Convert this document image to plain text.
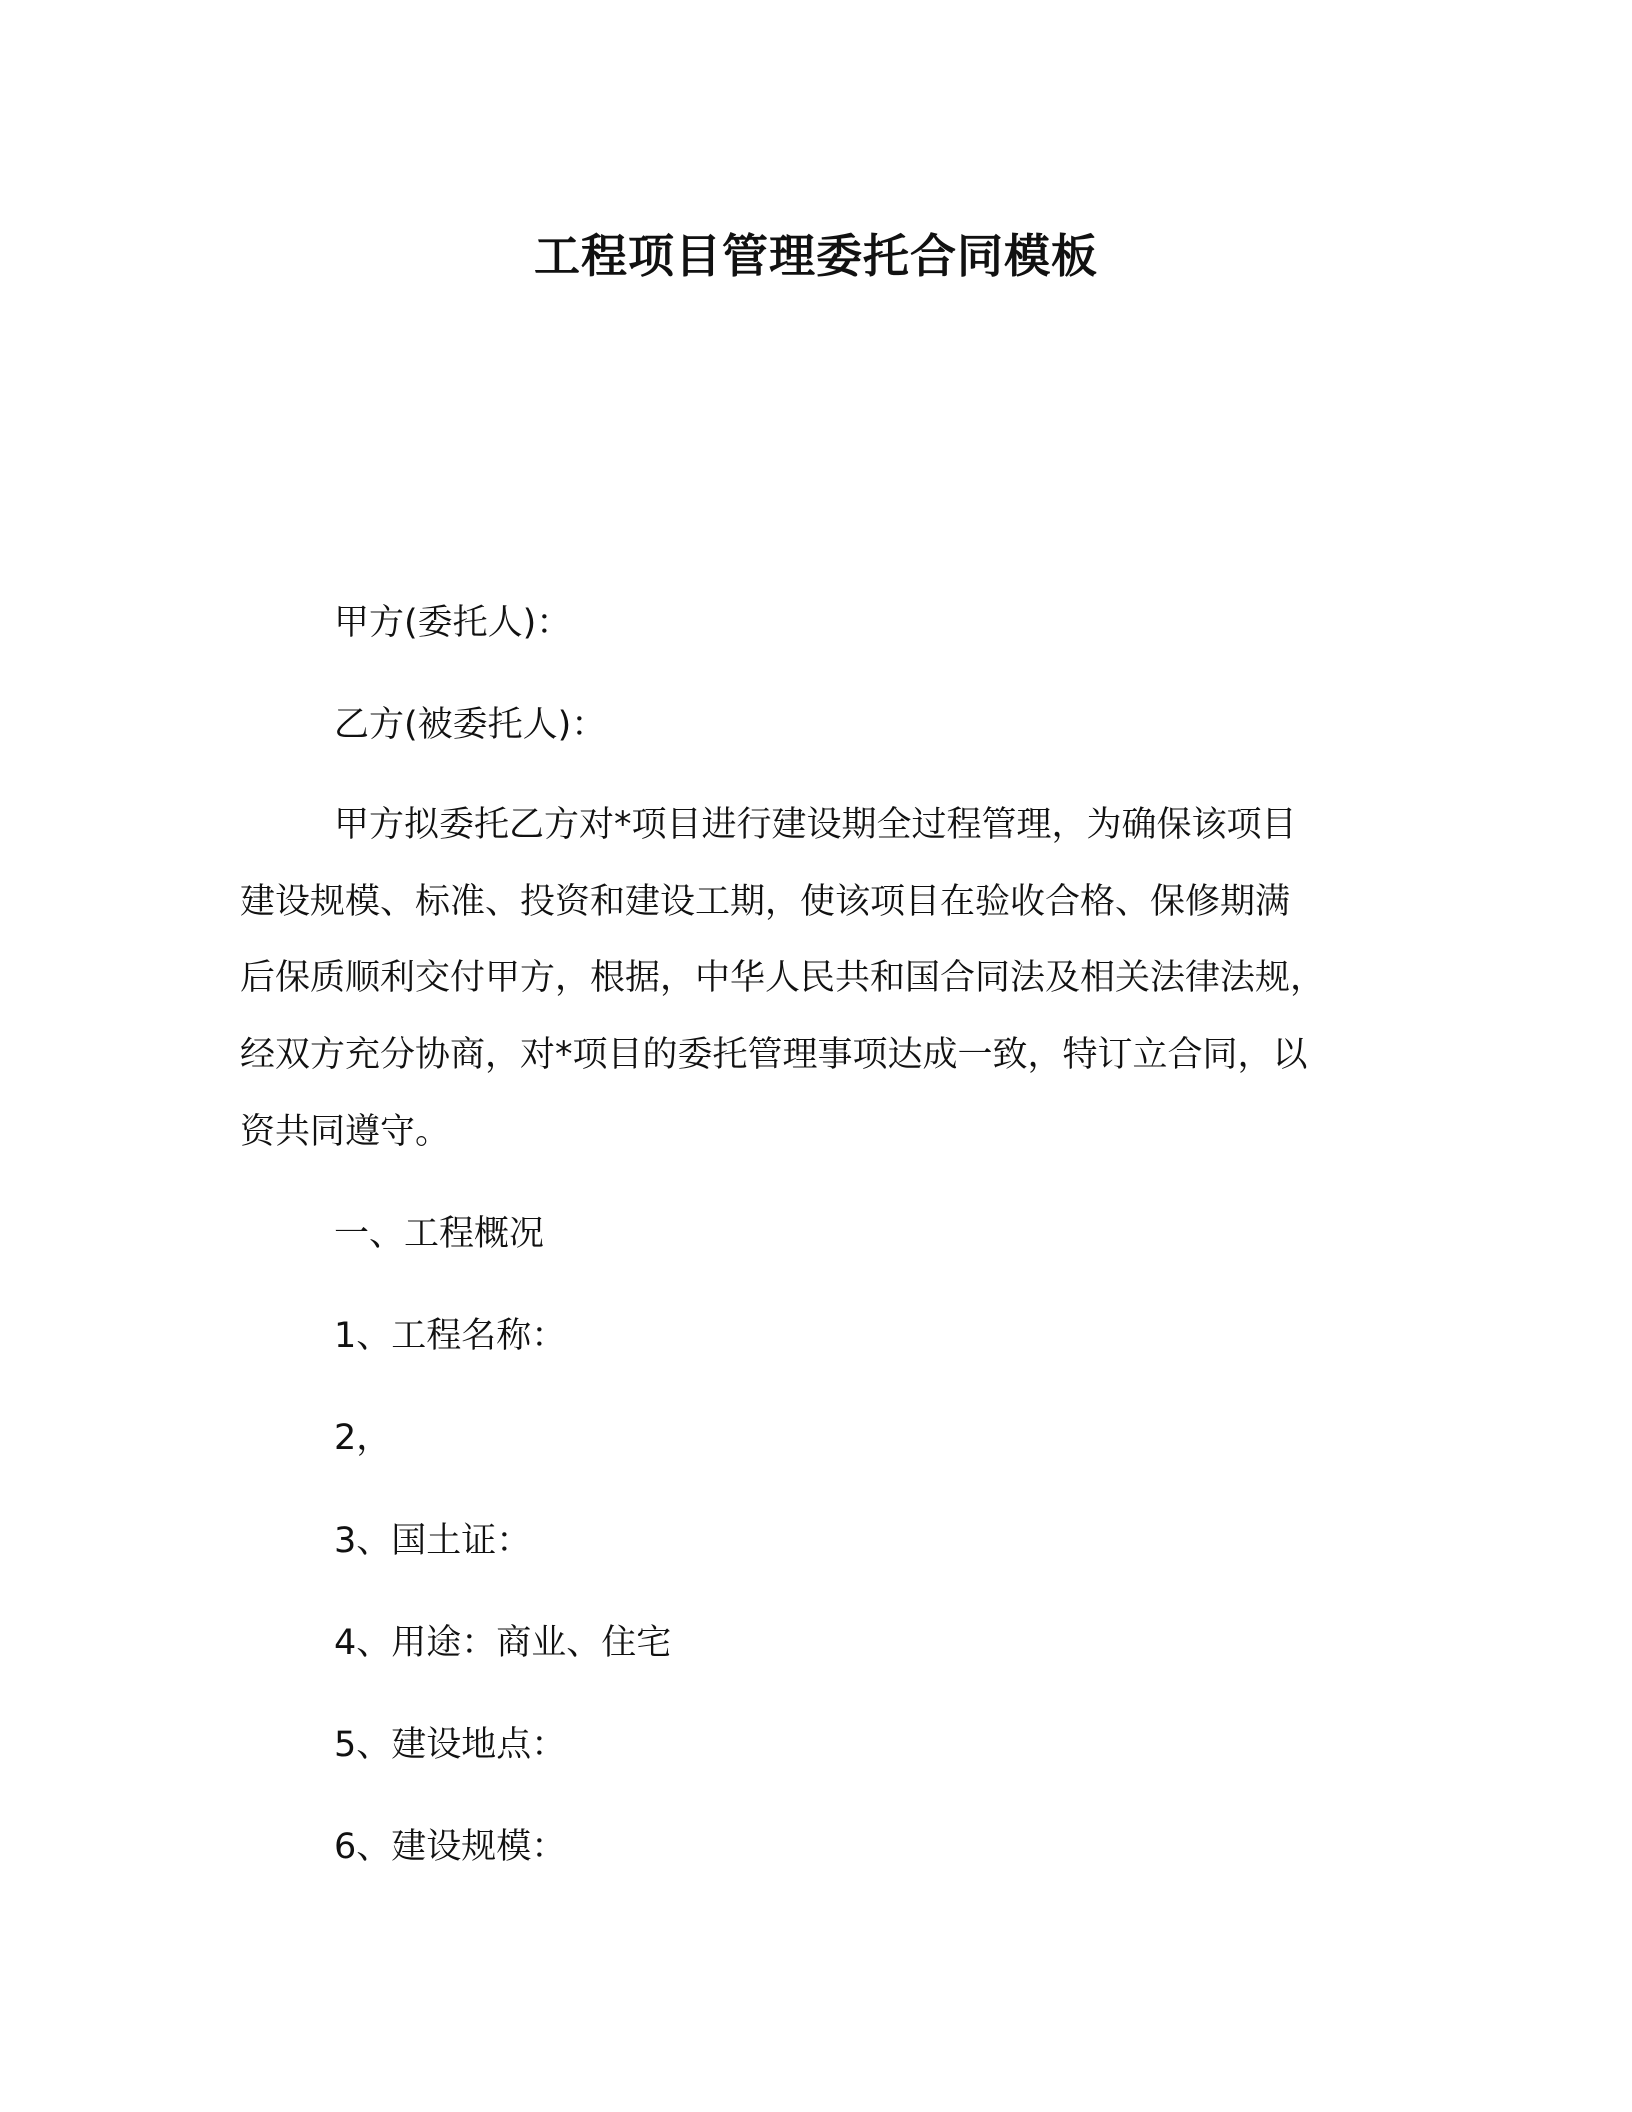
工程项目管理委托合同模板
甲方(委托人)：
乙方(被委托人)：
甲方拟委托乙方对*项目进行建设期全过程管理，为确保该项目
建设规模、标准、投资和建设工期，使该项目在验收合格、保修期满
后保质顺利交付甲方，根据，中华人民共和国合同法及相关法律法规，
经双方充分协商，对*项目的委托管理事项达成一致，特订立合同，以
资共同遵守。
一、工程概况
1、工程名称：
2，
3、国土证：
4、用途：商业、住宅
5、建设地点：
6、建设规模：
